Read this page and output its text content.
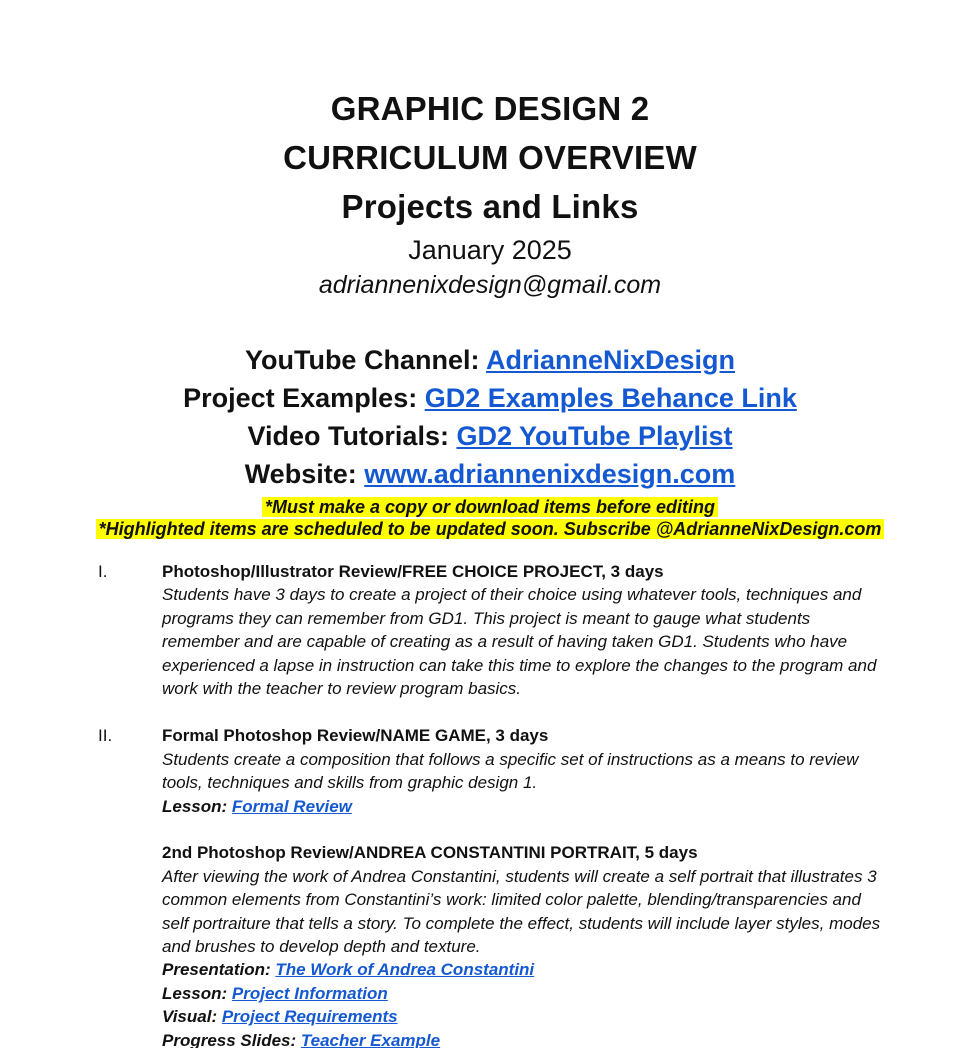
GRAPHIC DESIGN 2
CURRICULUM OVERVIEW
Projects and Links
January 2025
adriannenixdesign@gmail.com
YouTube Channel: AdrianneNixDesign
Project Examples: GD2 Examples Behance Link
Video Tutorials: GD2 YouTube Playlist
Website: www.adriannenixdesign.com
*Must make a copy or download items before editing
*Highlighted items are scheduled to be updated soon. Subscribe @AdrianneNixDesign.com
I.	Photoshop/Illustrator Review/FREE CHOICE PROJECT, 3 days
Students have 3 days to create a project of their choice using whatever tools, techniques and programs they can remember from GD1. This project is meant to gauge what students remember and are capable of creating as a result of having taken GD1. Students who have experienced a lapse in instruction can take this time to explore the changes to the program and work with the teacher to review program basics.
II.	Formal Photoshop Review/NAME GAME, 3 days
Students create a composition that follows a specific set of instructions as a means to review tools, techniques and skills from graphic design 1.
Lesson: Formal Review
2nd Photoshop Review/ANDREA CONSTANTINI PORTRAIT, 5 days
After viewing the work of Andrea Constantini, students will create a self portrait that illustrates 3 common elements from Constantini’s work: limited color palette, blending/transparencies and self portraiture that tells a story. To complete the effect, students will include layer styles, modes and brushes to develop depth and texture.
Presentation: The Work of Andrea Constantini
Lesson: Project Information
Visual: Project Requirements
Progress Slides: Teacher Example
